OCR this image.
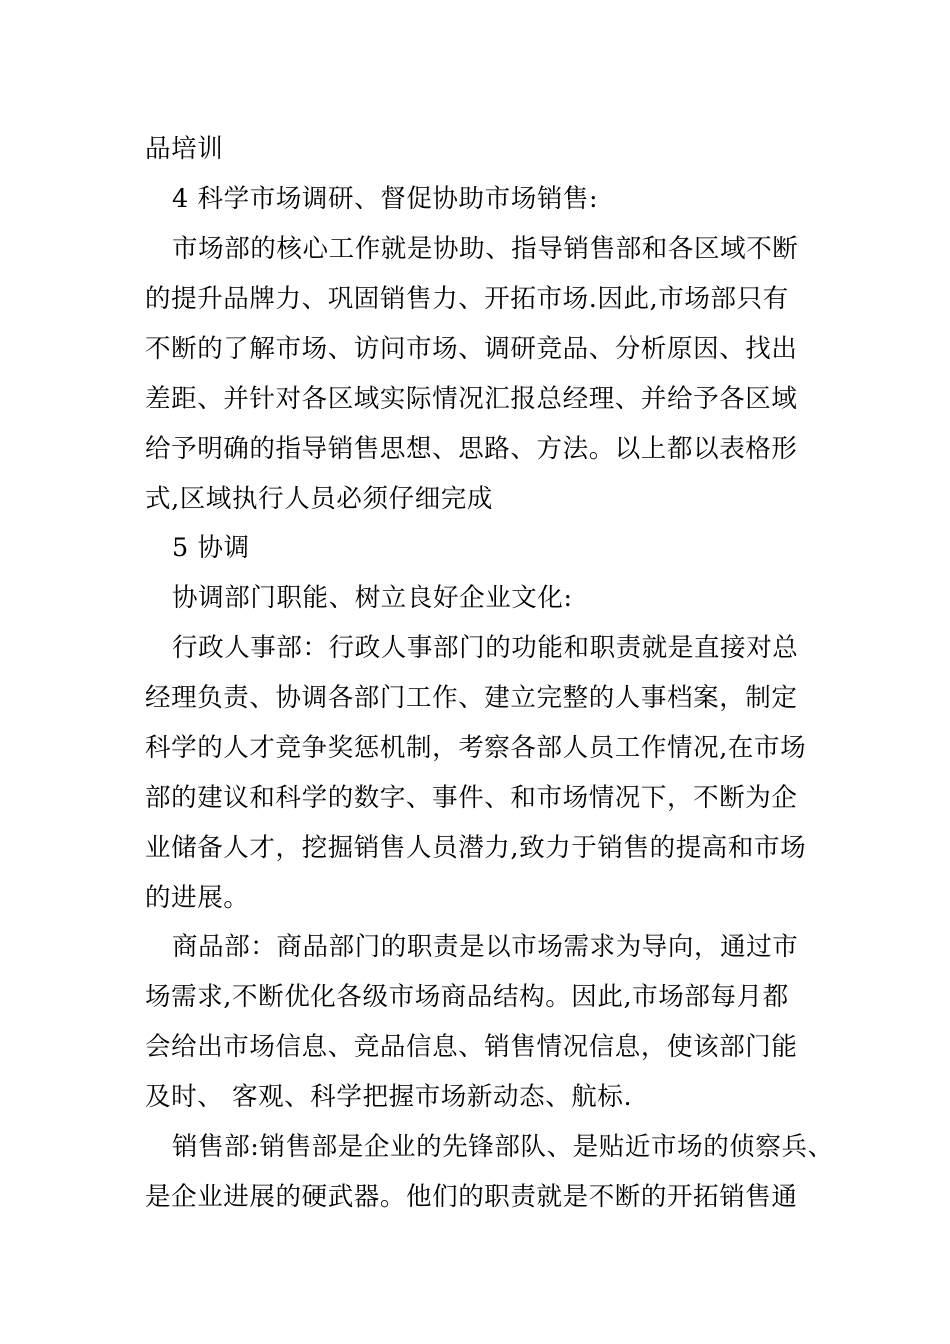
品培训
4 科学市场调研、督促协助市场销售:
市场部的核心工作就是协助、指导销售部和各区域不断
的提升品牌力、巩固销售力、开拓市场.因此,市场部只有
不断的了解市场、访问市场、调研竞品、分析原因、找出
差距、并针对各区域实际情况汇报总经理、并给予各区域
给予明确的指导销售思想、思路、方法。以上都以表格形
式,区域执行人员必须仔细完成
5 协调
协调部门职能、树立良好企业文化:
行政人事部：行政人事部门的功能和职责就是直接对总
经理负责、协调各部门工作、建立完整的人事档案，制定
科学的人才竞争奖惩机制，考察各部人员工作情况,在市场
部的建议和科学的数字、事件、和市场情况下，不断为企
业储备人才，挖掘销售人员潜力,致力于销售的提高和市场
的进展。
商品部：商品部门的职责是以市场需求为导向，通过市
场需求,不断优化各级市场商品结构。因此,市场部每月都
会给出市场信息、竞品信息、销售情况信息，使该部门能
及时、 客观、科学把握市场新动态、航标.
销售部:销售部是企业的先锋部队、是贴近市场的侦察兵、
是企业进展的硬武器。他们的职责就是不断的开拓销售通
